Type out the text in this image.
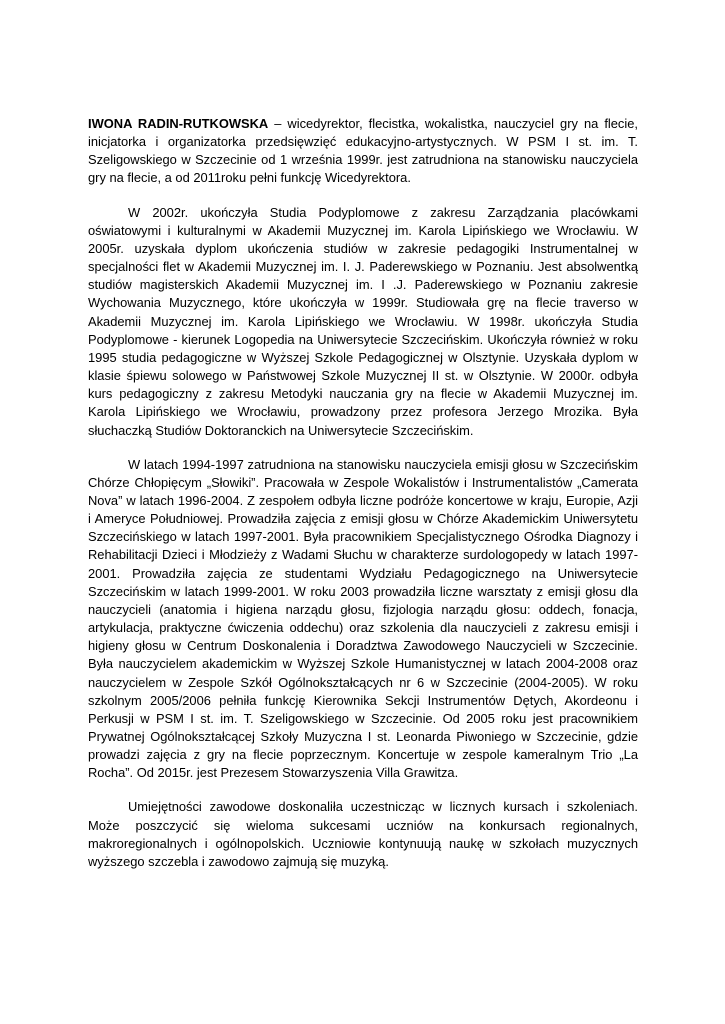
IWONA RADIN-RUTKOWSKA – wicedyrektor, flecistka, wokalistka, nauczyciel gry na flecie, inicjatorka i organizatorka przedsięwzięć edukacyjno-artystycznych. W PSM I st. im. T. Szeligowskiego w Szczecinie od 1 września 1999r. jest zatrudniona na stanowisku nauczyciela gry na flecie, a od 2011roku pełni funkcję Wicedyrektora.

W 2002r. ukończyła Studia Podyplomowe z zakresu Zarządzania placówkami oświatowymi i kulturalnymi w Akademii Muzycznej im. Karola Lipińskiego we Wrocławiu. W 2005r. uzyskała dyplom ukończenia studiów w zakresie pedagogiki Instrumentalnej w specjalności flet w Akademii Muzycznej im. I. J. Paderewskiego w Poznaniu. Jest absolwentką studiów magisterskich Akademii Muzycznej im. I .J. Paderewskiego w Poznaniu zakresie Wychowania Muzycznego, które ukończyła w 1999r. Studiowała grę na flecie traverso w Akademii Muzycznej im. Karola Lipińskiego we Wrocławiu. W 1998r. ukończyła Studia Podyplomowe - kierunek Logopedia na Uniwersytecie Szczecińskim. Ukończyła również w roku 1995 studia pedagogiczne w Wyższej Szkole Pedagogicznej w Olsztynie. Uzyskała dyplom w klasie śpiewu solowego w Państwowej Szkole Muzycznej II st. w Olsztynie. W 2000r. odbyła kurs pedagogiczny z zakresu Metodyki nauczania gry na flecie w Akademii Muzycznej im. Karola Lipińskiego we Wrocławiu, prowadzony przez profesora Jerzego Mrozika. Była słuchaczką Studiów Doktoranckich na Uniwersytecie Szczecińskim.

W latach 1994-1997 zatrudniona na stanowisku nauczyciela emisji głosu w Szczecińskim Chórze Chłopięcym „Słowiki”. Pracowała w Zespole Wokalistów i Instrumentalistów „Camerata Nova” w latach 1996-2004. Z zespołem odbyła liczne podróże koncertowe w kraju, Europie, Azji i Ameryce Południowej. Prowadziła zajęcia z emisji głosu w Chórze Akademickim Uniwersytetu Szczecińskiego w latach 1997-2001. Była pracownikiem Specjalistycznego Ośrodka Diagnozy i Rehabilitacji Dzieci i Młodzieży z Wadami Słuchu w charakterze surdologopedy w latach 1997-2001. Prowadziła zajęcia ze studentami Wydziału Pedagogicznego na Uniwersytecie Szczecińskim w latach 1999-2001. W roku 2003 prowadziła liczne warsztaty z emisji głosu dla nauczycieli (anatomia i higiena narządu głosu, fizjologia narządu głosu: oddech, fonacja, artykulacja, praktyczne ćwiczenia oddechu) oraz szkolenia dla nauczycieli z zakresu emisji i higieny głosu w Centrum Doskonalenia i Doradztwa Zawodowego Nauczycieli w Szczecinie. Była nauczycielem akademickim w Wyższej Szkole Humanistycznej w latach 2004-2008 oraz nauczycielem w Zespole Szkół Ogólnokształcących nr 6 w Szczecinie (2004-2005). W roku szkolnym 2005/2006 pełniła funkcję Kierownika Sekcji Instrumentów Dętych, Akordeonu i Perkusji w PSM I st. im. T. Szeligowskiego w Szczecinie. Od 2005 roku jest pracownikiem Prywatnej Ogólnokształcącej Szkoły Muzyczna I st. Leonarda Piwoniego w Szczecinie, gdzie prowadzi zajęcia z gry na flecie poprzecznym. Koncertuje w zespole kameralnym Trio „La Rocha”. Od 2015r. jest Prezesem Stowarzyszenia Villa Grawitza.

Umiejętności zawodowe doskonaliła uczestnicząc w licznych kursach i szkoleniach. Może poszczycić się wieloma sukcesami uczniów na konkursach regionalnych, makroregionalnych i ogólnopolskich. Uczniowie kontynuują naukę w szkołach muzycznych wyższego szczebla i zawodowo zajmują się muzyką.
